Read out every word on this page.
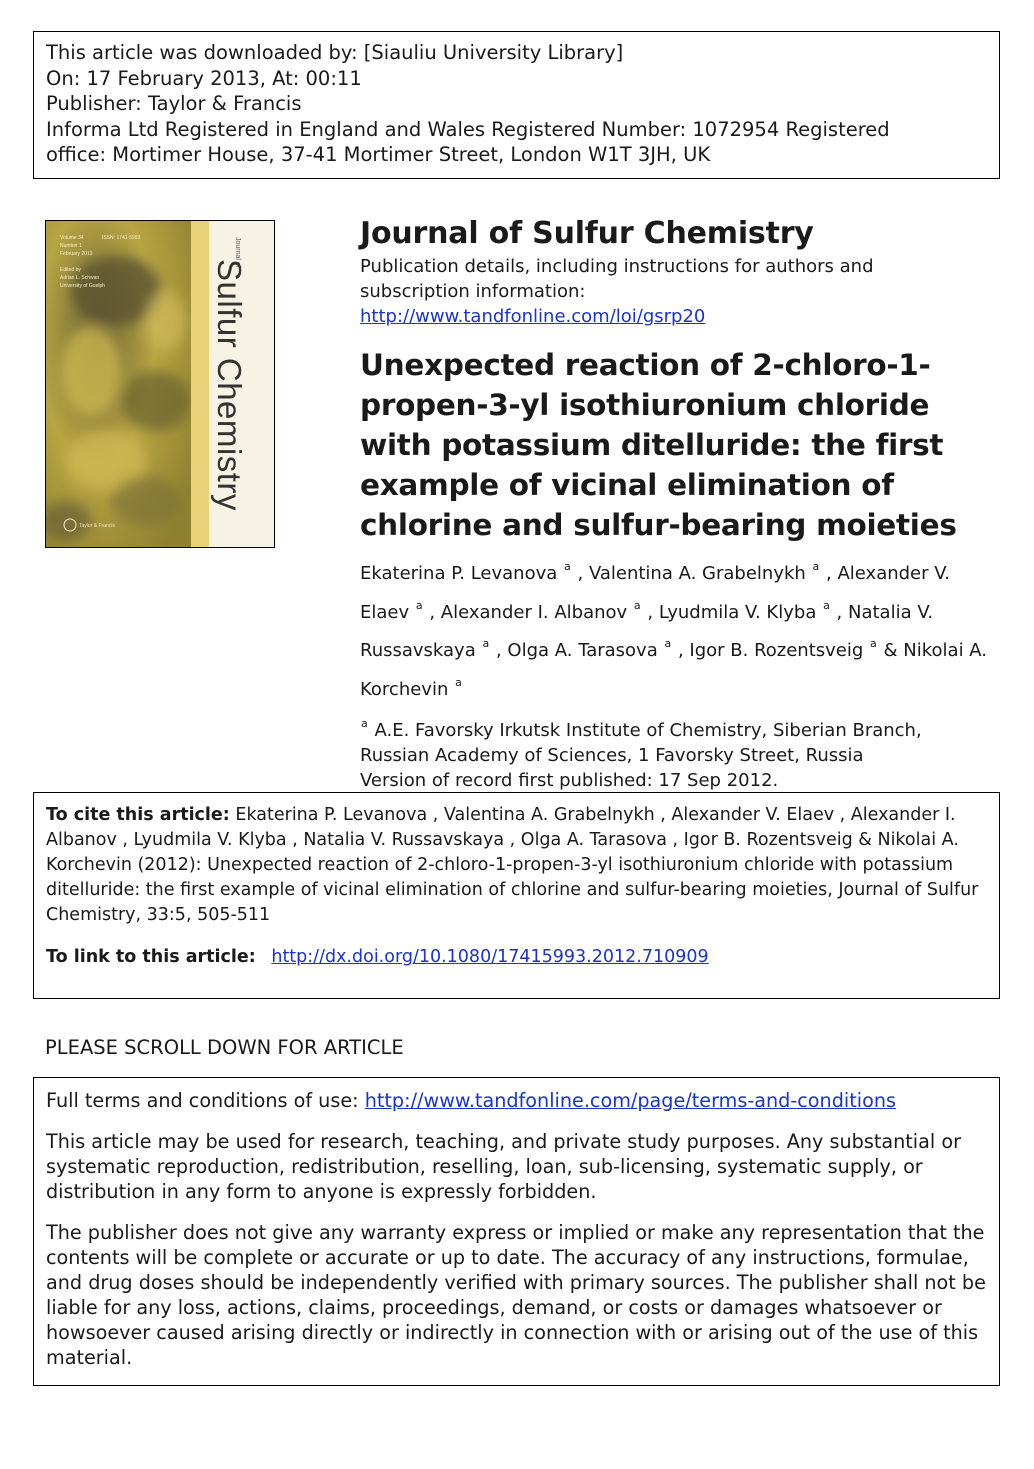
This article was downloaded by: [Siauliu University Library]
On: 17 February 2013, At: 00:11
Publisher: Taylor & Francis
Informa Ltd Registered in England and Wales Registered Number: 1072954 Registered
office: Mortimer House, 37-41 Mortimer Street, London W1T 3JH, UK
Volume 34	ISSN: 1741-5993
Number 1
February 2013
Edited by
Adrian L. Schwan
University of Guelph
Taylor & Francis
Journal of
Sulfur Chemistry
Journal of Sulfur Chemistry
Publication details, including instructions for authors and
subscription information:
http://www.tandfonline.com/loi/gsrp20
Unexpected reaction of 2-chloro-1-propen-3-yl isothiuronium chloride with potassium ditelluride: the first example of vicinal elimination of chlorine and sulfur-bearing moieties
Ekaterina P. Levanova $^a$ , Valentina A. Grabelnykh $^a$ , Alexander V. Elaev $^a$ , Alexander I. Albanov $^a$ , Lyudmila V. Klyba $^a$ , Natalia V. Russavskaya $^a$ , Olga A. Tarasova $^a$ , Igor B. Rozentsveig $^a$ & Nikolai A. Korchevin $^a$
$^a$ A.E. Favorsky Irkutsk Institute of Chemistry, Siberian Branch,
Russian Academy of Sciences, 1 Favorsky Street, Russia
Version of record first published: 17 Sep 2012.
To cite this article: Ekaterina P. Levanova , Valentina A. Grabelnykh , Alexander V. Elaev , Alexander I. Albanov , Lyudmila V. Klyba , Natalia V. Russavskaya , Olga A. Tarasova , Igor B. Rozentsveig & Nikolai A. Korchevin (2012): Unexpected reaction of 2-chloro-1-propen-3-yl isothiuronium chloride with potassium ditelluride: the first example of vicinal elimination of chlorine and sulfur-bearing moieties, Journal of Sulfur Chemistry, 33:5, 505-511
To link to this article: http://dx.doi.org/10.1080/17415993.2012.710909
PLEASE SCROLL DOWN FOR ARTICLE

Full terms and conditions of use: http://www.tandfonline.com/page/terms-and-conditions

This article may be used for research, teaching, and private study purposes. Any substantial or systematic reproduction, redistribution, reselling, loan, sub-licensing, systematic supply, or distribution in any form to anyone is expressly forbidden.

The publisher does not give any warranty express or implied or make any representation that the contents will be complete or accurate or up to date. The accuracy of any instructions, formulae, and drug doses should be independently verified with primary sources. The publisher shall not be liable for any loss, actions, claims, proceedings, demand, or costs or damages whatsoever or howsoever caused arising directly or indirectly in connection with or arising out of the use of this material.
